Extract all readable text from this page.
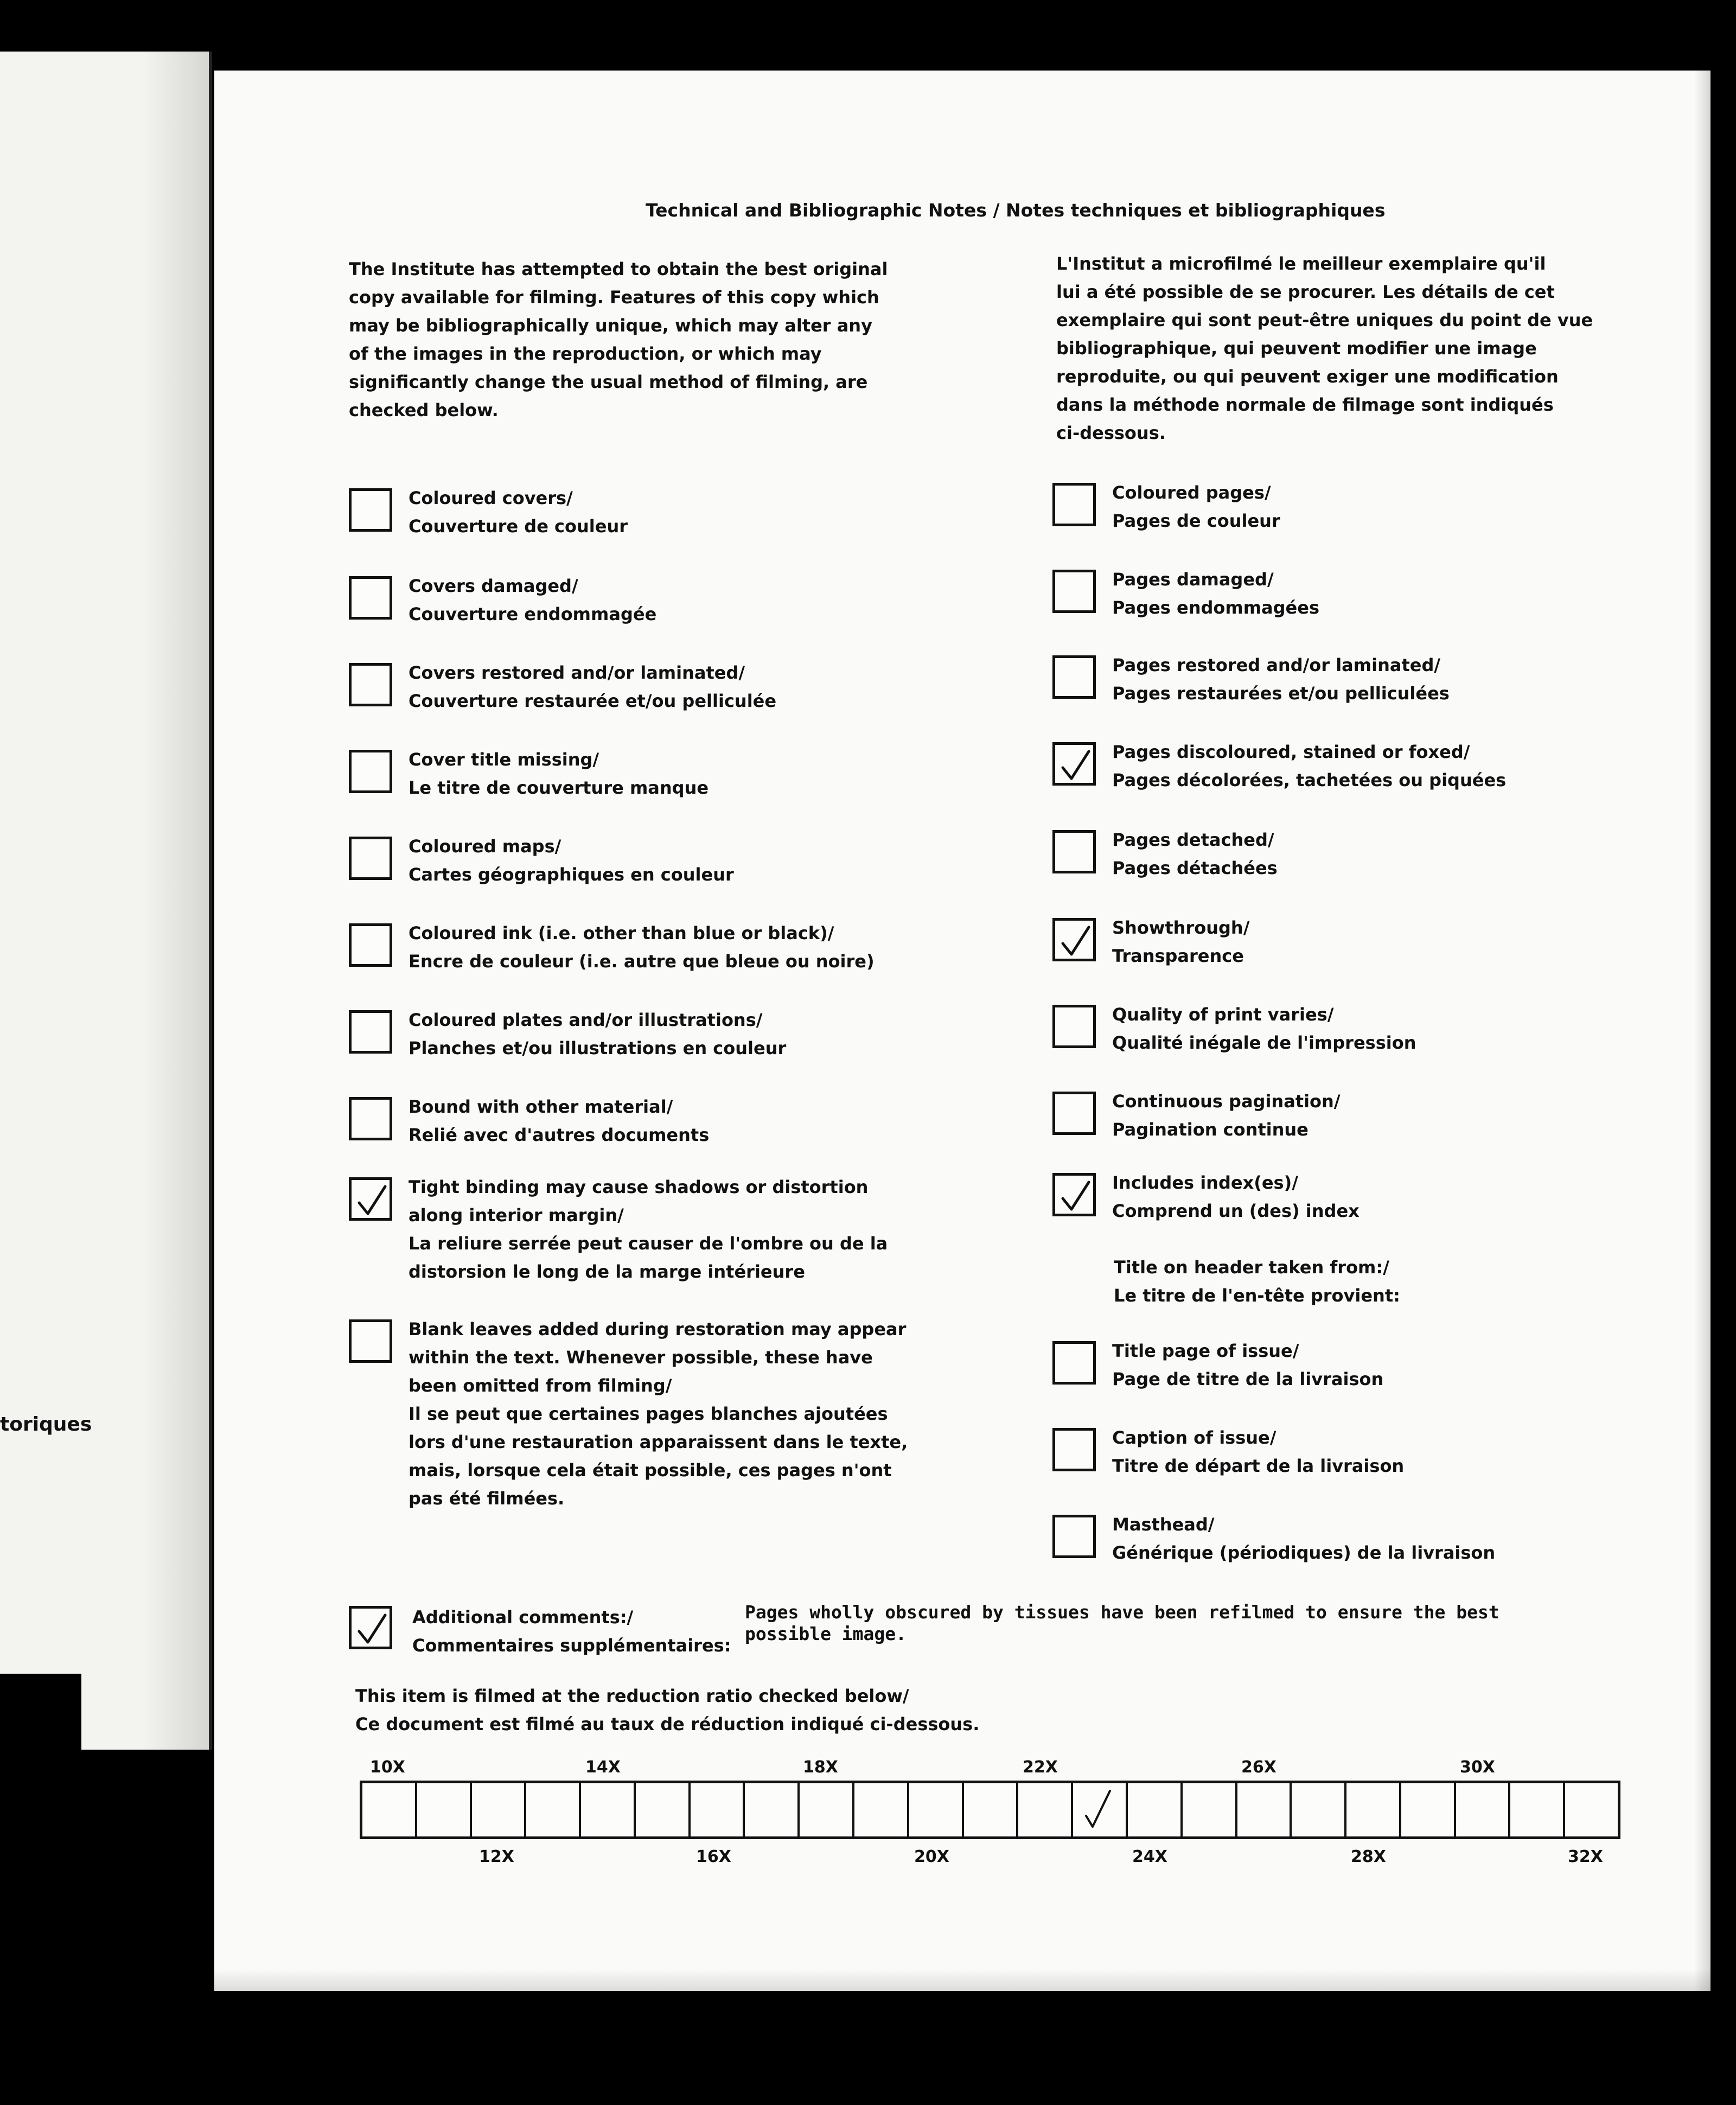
toriques
Technical and Bibliographic Notes / Notes techniques et bibliographiques
The Institute has attempted to obtain the best original
copy available for filming. Features of this copy which
may be bibliographically unique, which may alter any
of the images in the reproduction, or which may
significantly change the usual method of filming, are
checked below.
L'Institut a microfilmé le meilleur exemplaire qu'il
lui a été possible de se procurer. Les détails de cet
exemplaire qui sont peut-être uniques du point de vue
bibliographique, qui peuvent modifier une image
reproduite, ou qui peuvent exiger une modification
dans la méthode normale de filmage sont indiqués
ci-dessous.
Coloured covers/
Couverture de couleur
Covers damaged/
Couverture endommagée
Covers restored and/or laminated/
Couverture restaurée et/ou pelliculée
Cover title missing/
Le titre de couverture manque
Coloured maps/
Cartes géographiques en couleur
Coloured ink (i.e. other than blue or black)/
Encre de couleur (i.e. autre que bleue ou noire)
Coloured plates and/or illustrations/
Planches et/ou illustrations en couleur
Bound with other material/
Relié avec d'autres documents
Tight binding may cause shadows or distortion
along interior margin/
La reliure serrée peut causer de l'ombre ou de la
distorsion le long de la marge intérieure
Blank leaves added during restoration may appear
within the text. Whenever possible, these have
been omitted from filming/
Il se peut que certaines pages blanches ajoutées
lors d'une restauration apparaissent dans le texte,
mais, lorsque cela était possible, ces pages n'ont
pas été filmées.
Coloured pages/
Pages de couleur
Pages damaged/
Pages endommagées
Pages restored and/or laminated/
Pages restaurées et/ou pelliculées
Pages discoloured, stained or foxed/
Pages décolorées, tachetées ou piquées
Pages detached/
Pages détachées
Showthrough/
Transparence
Quality of print varies/
Qualité inégale de l'impression
Continuous pagination/
Pagination continue
Includes index(es)/
Comprend un (des) index
Title page of issue/
Page de titre de la livraison
Caption of issue/
Titre de départ de la livraison
Masthead/
Générique (périodiques) de la livraison
Title on header taken from:/
Le titre de l'en-tête provient:
Additional comments:/
Commentaires supplémentaires:
Pages wholly obscured by tissues have been refilmed to ensure the best possible image.
This item is filmed at the reduction ratio checked below/
Ce document est filmé au taux de réduction indiqué ci-dessous.
10X	14X	18X	22X	26X	30X
12X	16X	20X	24X	28X	32X
